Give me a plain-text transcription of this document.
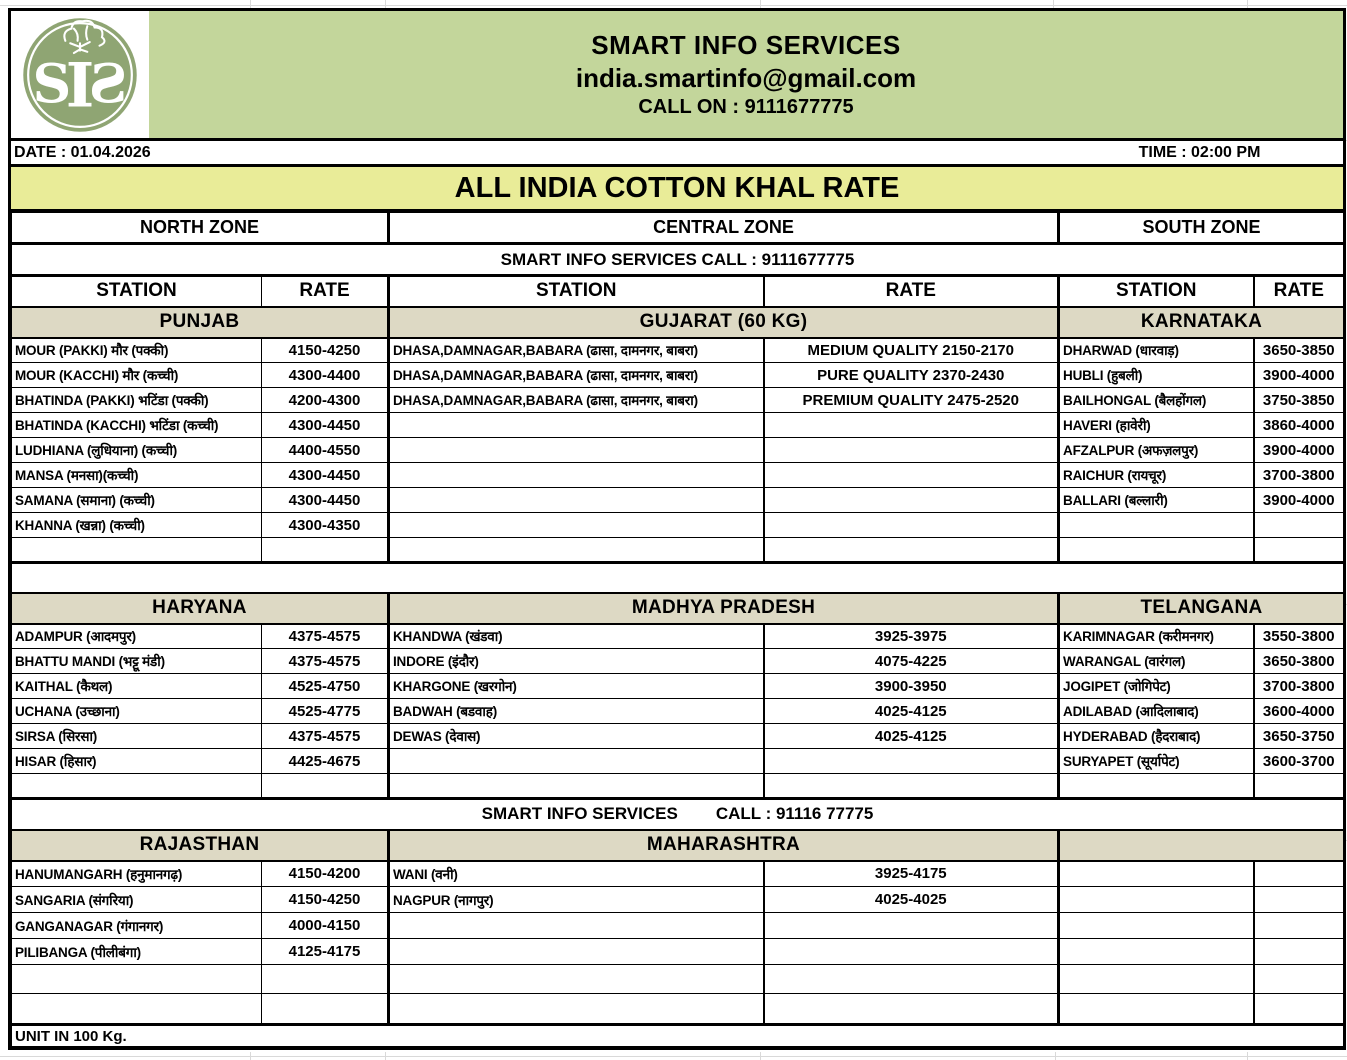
S
I
S
SMART INFO SERVICES
india.smartinfo@gmail.com
CALL ON : 9111677775
DATE : 01.04.2026	TIME : 02:00 PM
ALL INDIA COTTON KHAL RATE
NORTH ZONE		CENTRAL ZONE		SOUTH ZONE	
SMART INFO SERVICES CALL : 9111677775					
STATION	RATE	STATION	RATE	STATION	RATE
PUNJAB		GUJARAT (60 KG)		KARNATAKA	
MOUR (PAKKI) मौर (पक्की)	4150-4250	DHASA,DAMNAGAR,BABARA (ढासा, दामनगर, बाबरा)	MEDIUM QUALITY 2150-2170	DHARWAD (धारवाड़)	3650-3850
MOUR (KACCHI) मौर (कच्ची)	4300-4400	DHASA,DAMNAGAR,BABARA (ढासा, दामनगर, बाबरा)	PURE QUALITY 2370-2430	HUBLI (हुबली)	3900-4000
BHATINDA (PAKKI) भटिंडा (पक्की)	4200-4300	DHASA,DAMNAGAR,BABARA (ढासा, दामनगर, बाबरा)	PREMIUM QUALITY 2475-2520	BAILHONGAL (बैलहोंगल)	3750-3850
BHATINDA (KACCHI) भटिंडा (कच्ची)	4300-4450			HAVERI (हावेरी)	3860-4000
LUDHIANA (लुधियाना) (कच्ची)	4400-4550			AFZALPUR (अफज़लपुर)	3900-4000
MANSA (मनसा)(कच्ची)	4300-4450			RAICHUR (रायचूर)	3700-3800
SAMANA (समाना) (कच्ची)	4300-4450			BALLARI (बल्लारी)	3900-4000
KHANNA (खन्ना) (कच्ची)	4300-4350				

HARYANA		MADHYA PRADESH		TELANGANA	
ADAMPUR (आदमपुर)	4375-4575	KHANDWA (खंडवा)	3925-3975	KARIMNAGAR (करीमनगर)	3550-3800
BHATTU MANDI (भट्टू मंडी)	4375-4575	INDORE (इंदौर)	4075-4225	WARANGAL (वारंगल)	3650-3800
KAITHAL (कैथल)	4525-4750	KHARGONE (खरगोन)	3900-3950	JOGIPET (जोगिपेट)	3700-3800
UCHANA (उच्छाना)	4525-4775	BADWAH (बडवाह)	4025-4125	ADILABAD (आदिलाबाद)	3600-4000
SIRSA (सिरसा)	4375-4575	DEWAS (देवास)	4025-4125	HYDERABAD (हैदराबाद)	3650-3750
HISAR (हिसार)	4425-4675			SURYAPET (सूर्यापेट)	3600-3700

SMART INFO SERVICES CALL : 91116 77775					
RAJASTHAN		MAHARASHTRA			
HANUMANGARH (हनुमानगढ़)	4150-4200	WANI (वनी)	3925-4175		
SANGARIA (संगरिया)	4150-4250	NAGPUR (नागपुर)	4025-4025		
GANGANAGAR (गंगानगर)	4000-4150				
PILIBANGA (पीलीबंगा)	4125-4175				

UNIT IN 100 Kg.					
